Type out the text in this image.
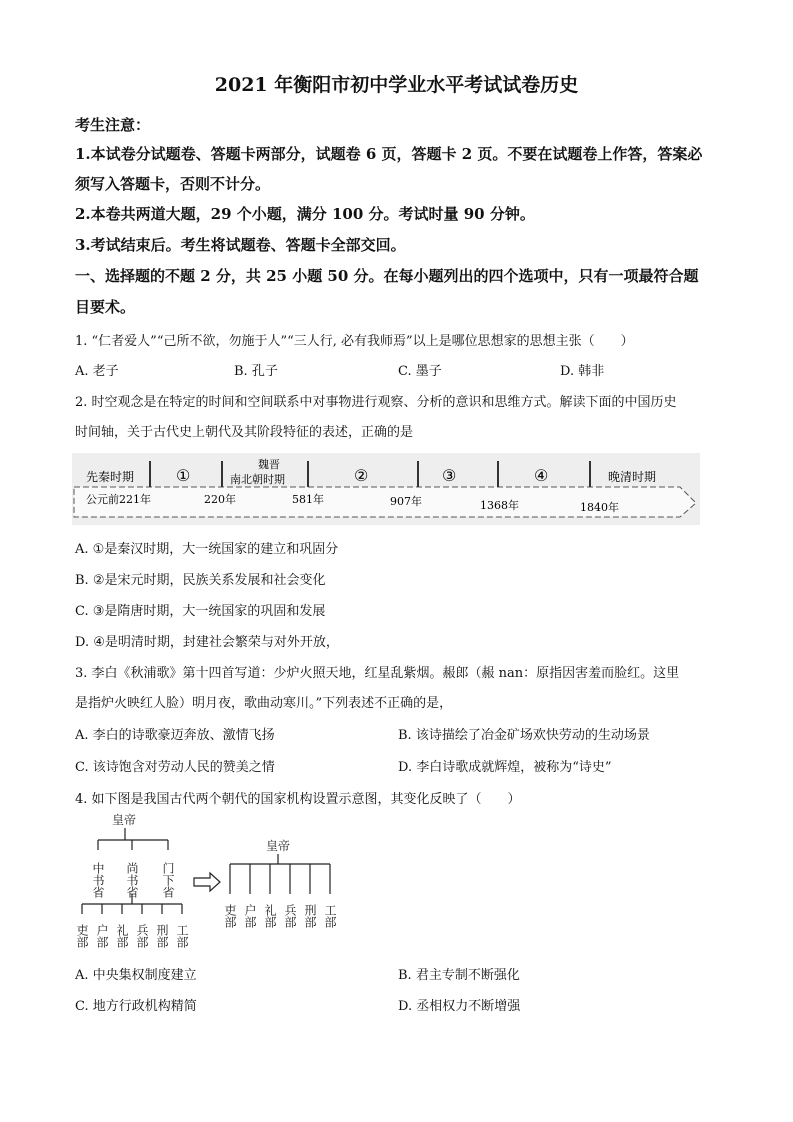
2021 年衡阳市初中学业水平考试试卷历史
考生注意：
1.本试卷分试题卷、答题卡两部分，试题卷 6 页，答题卡 2 页。不要在试题卷上作答，答案必
须写入答题卡，否则不计分。
2.本卷共两道大题，29 个小题，满分 100 分。考试时量 90 分钟。
3.考试结束后。考生将试题卷、答题卡全部交回。
一、选择题的不题 2 分，共 25 小题 50 分。在每小题列出的四个选项中，只有一项最符合题
目要术。
1. “仁者爱人”“己所不欲，勿施于人”“三人行, 必有我师焉”以上是哪位思想家的思想主张（　　）
A. 老子	B. 孔子	C. 墨子	D. 韩非
2. 时空观念是在特定的时间和空间联系中对事物进行观察、分析的意识和思维方式。解读下面的中国历史
时间轴，关于古代史上朝代及其阶段特征的表述，正确的是
先秦时期	①
魏晋
南北朝时期	②	③	④	晚清时期
公元前221年	220年	581年	907年	1368年	1840年
A. ①是秦汉时期，大一统国家的建立和巩固分
B. ②是宋元时期，民族关系发展和社会变化
C. ③是隋唐时期，大一统国家的巩固和发展
D. ④是明清时期，封建社会繁荣与对外开放，
3. 李白《秋浦歌》第十四首写道：少炉火照天地，红星乱紫烟。赧郎（赧 nan：原指因害羞而脸红。这里
是指炉火映红人脸）明月夜，歌曲动寒川。”下列表述不正确的是，
A. 李白的诗歌豪迈奔放、激情飞扬	B. 该诗描绘了冶金矿场欢快劳动的生动场景
C. 该诗饱含对劳动人民的赞美之情	D. 李白诗歌成就辉煌，被称为“诗史”
4. 如下图是我国古代两个朝代的国家机构设置示意图，其变化反映了（　　）
皇帝
中书省 尚书省 门下省
吏部 户部 礼部 兵部 刑部 工部
皇帝
吏部 户部 礼部 兵部 刑部 工部
A. 中央集权制度建立	B. 君主专制不断强化
C. 地方行政机构精简	D. 丞相权力不断增强
